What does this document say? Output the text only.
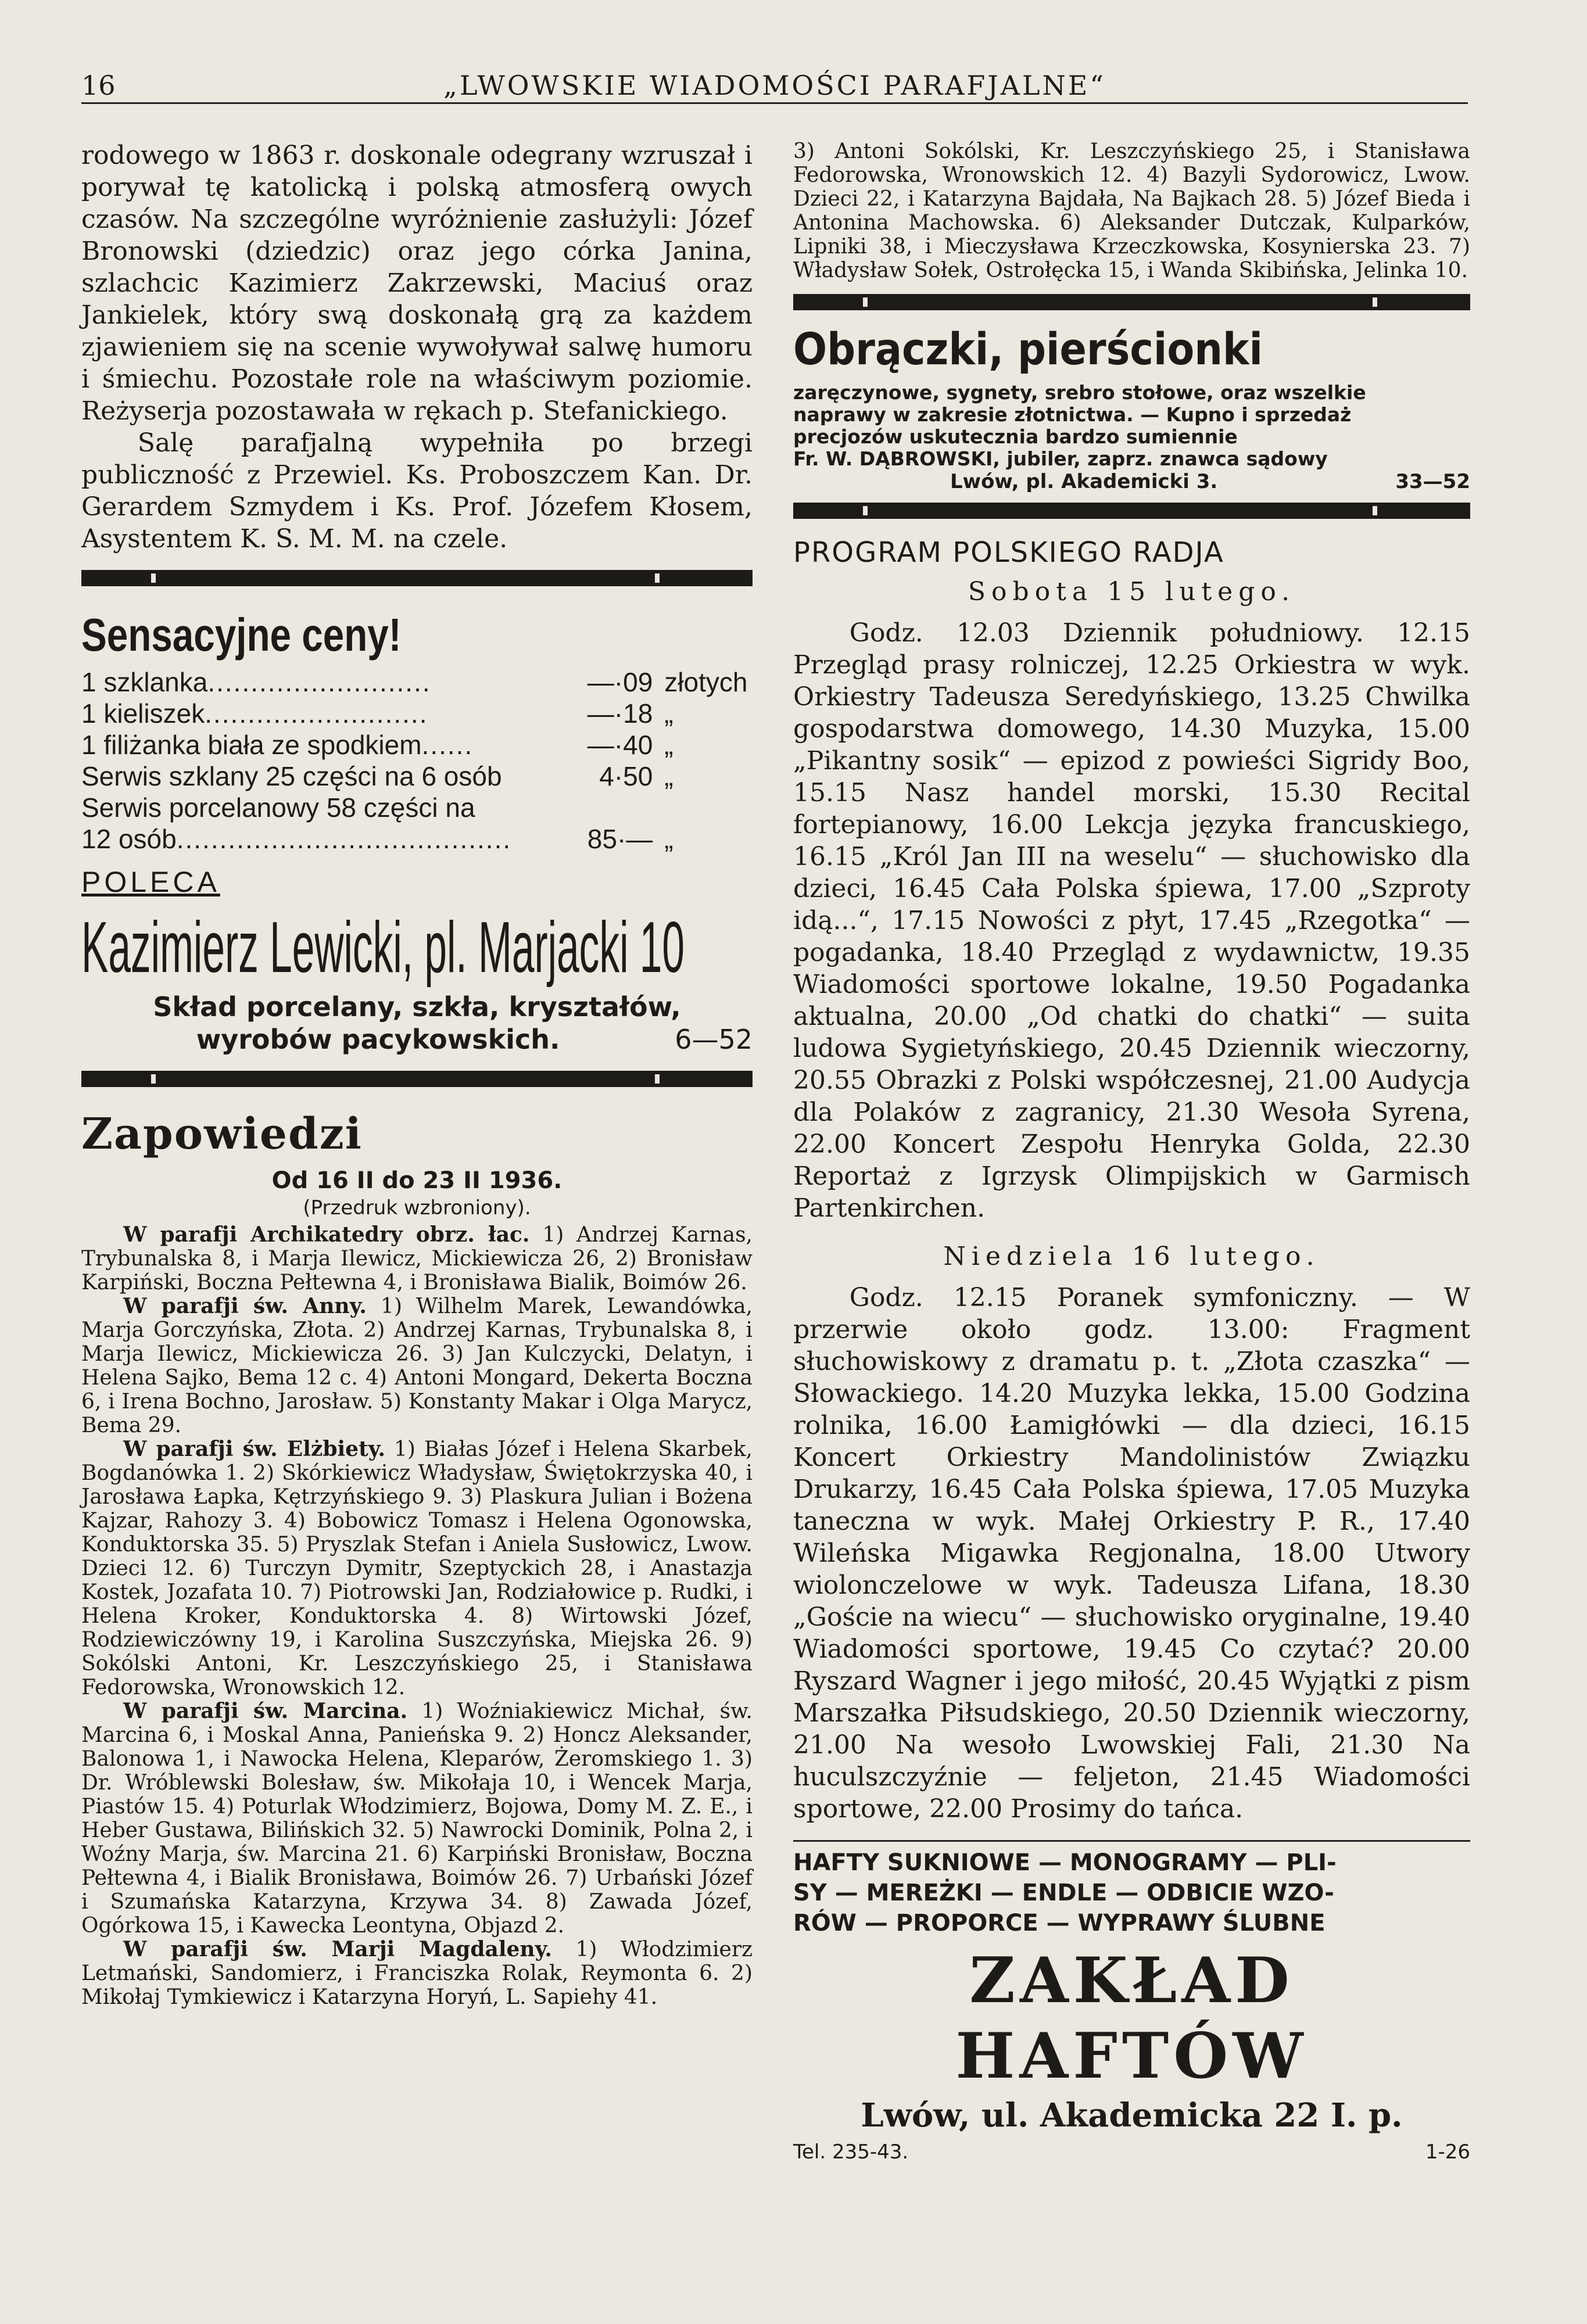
16	„LWOWSKIE WIADOMOŚCI PARAFJALNE“

rodowego w 1863 r. doskonale odegrany wzruszał i porywał tę katolicką i polską atmosferą owych czasów. Na szczególne wyróżnienie zasłużyli: Józef Bronowski (dziedzic) oraz jego córka Janina, szlachcic Kazimierz Zakrzewski, Maciuś oraz Jankielek, który swą doskonałą grą za każdem zjawieniem się na scenie wywoływał salwę humoru i śmiechu. Pozostałe role na właściwym poziomie. Reżyserja pozostawała w rękach p. Stefanickiego.

Salę parafjalną wypełniła po brzegi publiczność z Przewiel. Ks. Proboszczem Kan. Dr. Gerardem Szmydem i Ks. Prof. Józefem Kłosem, Asystentem K. S. M. M. na czele.

Sensacyjne ceny!
1 szklanka..........................	—·09	złotych
1 kieliszek..........................	—·18	„
1 filiżanka biała ze spodkiem......	—·40	„
Serwis szklany 25 części na 6 osób	4·50	„
Serwis porcelanowy 58 części na		
12 osób.......................................	85·—	„
POLECA
Kazimierz Lewicki, pl. Marjacki 10
Skład porcelany, szkła, kryształów, wyrobów pacykowskich.	6—52
Zapowiedzi
Od 16 II do 23 II 1936.
(Przedruk wzbroniony).

W parafji Archikatedry obrz. łac. 1) Andrzej Karnas, Trybunalska 8, i Marja Ilewicz, Mickiewicza 26, 2) Bronisław Karpiński, Boczna Pełtewna 4, i Bronisława Bialik, Boimów 26.

W parafji św. Anny. 1) Wilhelm Marek, Lewandówka, Marja Gorczyńska, Złota. 2) Andrzej Karnas, Trybunalska 8, i Marja Ilewicz, Mickiewicza 26. 3) Jan Kulczycki, Delatyn, i Helena Sajko, Bema 12 c. 4) Antoni Mongard, Dekerta Boczna 6, i Irena Bochno, Jarosław. 5) Konstanty Makar i Olga Marycz, Bema 29.

W parafji św. Elżbiety. 1) Białas Józef i Helena Skarbek, Bogdanówka 1. 2) Skórkiewicz Władysław, Świętokrzyska 40, i Jarosława Łapka, Kętrzyńskiego 9. 3) Plaskura Julian i Bożena Kajzar, Rahozy 3. 4) Bobowicz Tomasz i Helena Ogonowska, Konduktorska 35. 5) Pryszlak Stefan i Aniela Susłowicz, Lwow. Dzieci 12. 6) Turczyn Dymitr, Szeptyckich 28, i Anastazja Kostek, Jozafata 10. 7) Piotrowski Jan, Rodziałowice p. Rudki, i Helena Kroker, Konduktorska 4. 8) Wirtowski Józef, Rodziewiczówny 19, i Karolina Suszczyńska, Miejska 26. 9) Sokólski Antoni, Kr. Leszczyńskiego 25, i Stanisława Fedorowska, Wronowskich 12.

W parafji św. Marcina. 1) Woźniakiewicz Michał, św. Marcina 6, i Moskal Anna, Panieńska 9. 2) Honcz Aleksander, Balonowa 1, i Nawocka Helena, Kleparów, Żeromskiego 1. 3) Dr. Wróblewski Bolesław, św. Mikołaja 10, i Wencek Marja, Piastów 15. 4) Poturlak Włodzimierz, Bojowa, Domy M. Z. E., i Heber Gustawa, Bilińskich 32. 5) Nawrocki Dominik, Polna 2, i Woźny Marja, św. Marcina 21. 6) Karpiński Bronisław, Boczna Pełtewna 4, i Bialik Bronisława, Boimów 26. 7) Urbański Józef i Szumańska Katarzyna, Krzywa 34. 8) Zawada Józef, Ogórkowa 15, i Kawecka Leontyna, Objazd 2.

W parafji św. Marji Magdaleny. 1) Włodzimierz Letmański, Sandomierz, i Franciszka Rolak, Reymonta 6. 2) Mikołaj Tymkiewicz i Katarzyna Horyń, L. Sapiehy 41.

3) Antoni Sokólski, Kr. Leszczyńskiego 25, i Stanisława Fedorowska, Wronowskich 12. 4) Bazyli Sydorowicz, Lwow. Dzieci 22, i Katarzyna Bajdała, Na Bajkach 28. 5) Józef Bieda i Antonina Machowska. 6) Aleksander Dutczak, Kulparków, Lipniki 38, i Mieczysława Krzeczkowska, Kosynierska 23. 7) Władysław Sołek, Ostrołęcka 15, i Wanda Skibińska, Jelinka 10.

Obrączki, pierścionki
zaręczynowe, sygnety, srebro stołowe, oraz wszelkie
naprawy w zakresie złotnictwa. — Kupno i sprzedaż
precjozów uskutecznia bardzo sumiennie
Fr. W. DĄBROWSKI, jubiler, zaprz. znawca sądowy
Lwów, pl. Akademicki 3.	33—52
PROGRAM POLSKIEGO RADJA
Sobota 15 lutego.

Godz. 12.03 Dziennik południowy. 12.15 Przegląd prasy rolniczej, 12.25 Orkiestra w wyk. Orkiestry Tadeusza Seredyńskiego, 13.25 Chwilka gospodarstwa domowego, 14.30 Muzyka, 15.00 „Pikantny sosik“ — epizod z powieści Sigridy Boo, 15.15 Nasz handel morski, 15.30 Recital fortepianowy, 16.00 Lekcja języka francuskiego, 16.15 „Król Jan III na weselu“ — słuchowisko dla dzieci, 16.45 Cała Polska śpiewa, 17.00 „Szproty idą...“, 17.15 Nowości z płyt, 17.45 „Rzegotka“ — pogadanka, 18.40 Przegląd z wydawnictw, 19.35 Wiadomości sportowe lokalne, 19.50 Pogadanka aktualna, 20.00 „Od chatki do chatki“ — suita ludowa Sygietyńskiego, 20.45 Dziennik wieczorny, 20.55 Obrazki z Polski współczesnej, 21.00 Audycja dla Polaków z zagranicy, 21.30 Wesoła Syrena, 22.00 Koncert Zespołu Henryka Golda, 22.30 Reportaż z Igrzysk Olimpijskich w Garmisch Partenkirchen.

Niedziela 16 lutego.

Godz. 12.15 Poranek symfoniczny. — W przerwie około godz. 13.00: Fragment słuchowiskowy z dramatu p. t. „Złota czaszka“ — Słowackiego. 14.20 Muzyka lekka, 15.00 Godzina rolnika, 16.00 Łamigłówki — dla dzieci, 16.15 Koncert Orkiestry Mandolinistów Związku Drukarzy, 16.45 Cała Polska śpiewa, 17.05 Muzyka taneczna w wyk. Małej Orkiestry P. R., 17.40 Wileńska Migawka Regjonalna, 18.00 Utwory wiolonczelowe w wyk. Tadeusza Lifana, 18.30 „Goście na wiecu“ — słuchowisko oryginalne, 19.40 Wiadomości sportowe, 19.45 Co czytać? 20.00 Ryszard Wagner i jego miłość, 20.45 Wyjątki z pism Marszałka Piłsudskiego, 20.50 Dziennik wieczorny, 21.00 Na wesoło Lwowskiej Fali, 21.30 Na huculszczyźnie — feljeton, 21.45 Wiadomości sportowe, 22.00 Prosimy do tańca.

HAFTY SUKNIOWE — MONOGRAMY — PLI-
SY — MEREŻKI — ENDLE — ODBICIE WZO-
RÓW — PROPORCE — WYPRAWY ŚLUBNE
ZAKŁAD HAFTÓW
Lwów, ul. Akademicka 22 I. p.
Tel. 235-43.	1-26
